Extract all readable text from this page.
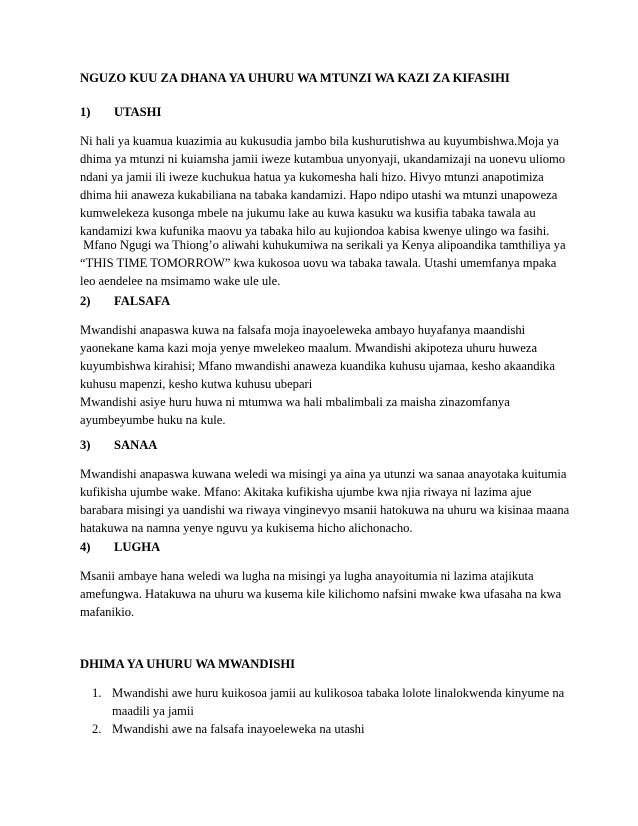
NGUZO KUU ZA DHANA YA UHURU WA MTUNZI WA KAZI ZA KIFASIHI
1) UTASHI
Ni hali ya kuamua kuazimia au kukusudia jambo bila kushurutishwa au kuyumbishwa.Moja ya
dhima ya mtunzi ni kuiamsha jamii iweze kutambua unyonyaji, ukandamizaji na uonevu uliomo
ndani ya jamii ili iweze kuchukua hatua ya kukomesha hali hizo. Hivyo mtunzi anapotimiza
dhima hii anaweza kukabiliana na tabaka kandamizi. Hapo ndipo utashi wa mtunzi unapoweza
kumwelekeza kusonga mbele na jukumu lake au kuwa kasuku wa kusifia tabaka tawala au
kandamizi kwa kufunika maovu ya tabaka hilo au kujiondoa kabisa kwenye ulingo wa fasihi.
Mfano Ngugi wa Thiong’o aliwahi kuhukumiwa na serikali ya Kenya alipoandika tamthiliya ya
“THIS TIME TOMORROW” kwa kukosoa uovu wa tabaka tawala. Utashi umemfanya mpaka
leo aendelee na msimamo wake ule ule.
2) FALSAFA
Mwandishi anapaswa kuwa na falsafa moja inayoeleweka ambayo huyafanya maandishi
yaonekane kama kazi moja yenye mwelekeo maalum. Mwandishi akipoteza uhuru huweza
kuyumbishwa kirahisi; Mfano mwandishi anaweza kuandika kuhusu ujamaa, kesho akaandika
kuhusu mapenzi, kesho kutwa kuhusu ubepari
Mwandishi asiye huru huwa ni mtumwa wa hali mbalimbali za maisha zinazomfanya
ayumbeyumbe huku na kule.
3) SANAA
Mwandishi anapaswa kuwana weledi wa misingi ya aina ya utunzi wa sanaa anayotaka kuitumia
kufikisha ujumbe wake. Mfano: Akitaka kufikisha ujumbe kwa njia riwaya ni lazima ajue
barabara misingi ya uandishi wa riwaya vinginevyo msanii hatokuwa na uhuru wa kisinaa maana
hatakuwa na namna yenye nguvu ya kukisema hicho alichonacho.
4) LUGHA
Msanii ambaye hana weledi wa lugha na misingi ya lugha anayoitumia ni lazima atajikuta
amefungwa. Hatakuwa na uhuru wa kusema kile kilichomo nafsini mwake kwa ufasaha na kwa
mafanikio.
DHIMA YA UHURU WA MWANDISHI
1. Mwandishi awe huru kuikosoa jamii au kulikosoa tabaka lolote linalokwenda kinyume na
maadili ya jamii
2. Mwandishi awe na falsafa inayoeleweka na utashi
